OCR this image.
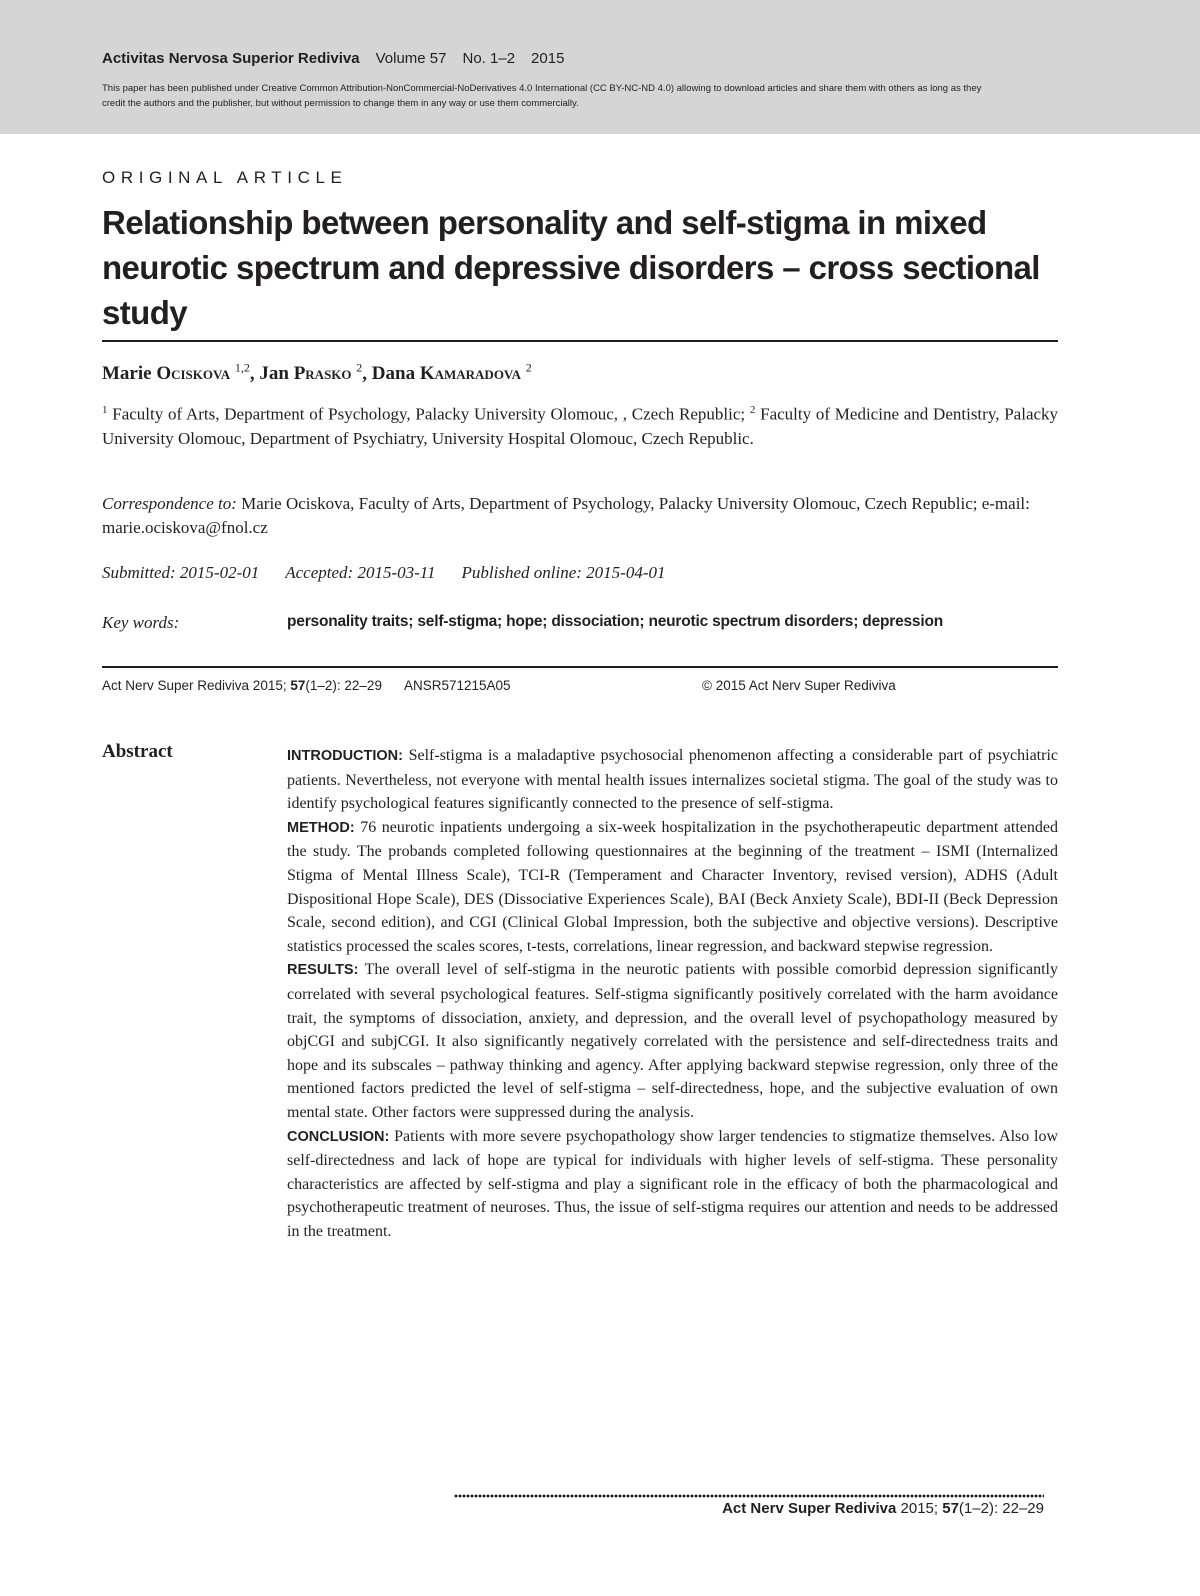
Activitas Nervosa Superior Rediviva Volume 57 No. 1–2 2015
This paper has been published under Creative Common Attribution-NonCommercial-NoDerivatives 4.0 International (CC BY-NC-ND 4.0) allowing to download articles and share them with others as long as they credit the authors and the publisher, but without permission to change them in any way or use them commercially.
ORIGINAL ARTICLE
Relationship between personality and self-stigma in mixed neurotic spectrum and depressive disorders – cross sectional study
Marie Ociskova $^{1,2}$, Jan Prasko $^2$, Dana Kamaradova $^2$
$^1$ Faculty of Arts, Department of Psychology, Palacky University Olomouc, , Czech Republic; $^2$ Faculty of Medicine and Dentistry, Palacky University Olomouc, Department of Psychiatry, University Hospital Olomouc, Czech Republic.
Correspondence to: Marie Ociskova, Faculty of Arts, Department of Psychology, Palacky University Olomouc, Czech Republic; e-mail: marie.ociskova@fnol.cz
Submitted: 2015-02-01 Accepted: 2015-03-11 Published online: 2015-04-01
Key words:	personality traits; self-stigma; hope; dissociation; neurotic spectrum disorders; depression
Act Nerv Super Rediviva 2015; 57(1–2): 22–29 ANSR571215A05	© 2015 Act Nerv Super Rediviva
Abstract	INTRODUCTION: Self-stigma is a maladaptive psychosocial phenomenon affecting a considerable part of psychiatric patients. Nevertheless, not everyone with mental health issues internalizes societal stigma. The goal of the study was to identify psychological features significantly connected to the presence of self-stigma.

METHOD: 76 neurotic inpatients undergoing a six-week hospitalization in the psychotherapeutic department attended the study. The probands completed following questionnaires at the beginning of the treatment – ISMI (Internalized Stigma of Mental Illness Scale), TCI-R (Temperament and Character Inventory, revised version), ADHS (Adult Dispositional Hope Scale), DES (Dissociative Experiences Scale), BAI (Beck Anxiety Scale), BDI-II (Beck Depression Scale, second edition), and CGI (Clinical Global Impression, both the subjective and objective versions). Descriptive statistics processed the scales scores, t-tests, correlations, linear regression, and backward stepwise regression.

RESULTS: The overall level of self-stigma in the neurotic patients with possible comorbid depression significantly correlated with several psychological features. Self-stigma significantly positively correlated with the harm avoidance trait, the symptoms of dissociation, anxiety, and depression, and the overall level of psychopathology measured by objCGI and subjCGI. It also significantly negatively correlated with the persistence and self-directedness traits and hope and its subscales – pathway thinking and agency. After applying backward stepwise regression, only three of the mentioned factors predicted the level of self-stigma – self-directedness, hope, and the subjective evaluation of own mental state. Other factors were suppressed during the analysis.

CONCLUSION: Patients with more severe psychopathology show larger tendencies to stigmatize themselves. Also low self-directedness and lack of hope are typical for individuals with higher levels of self-stigma. These personality characteristics are affected by self-stigma and play a significant role in the efficacy of both the pharmacological and psychotherapeutic treatment of neuroses. Thus, the issue of self-stigma requires our attention and needs to be addressed in the treatment.

Act Nerv Super Rediviva 2015; 57(1–2): 22–29
